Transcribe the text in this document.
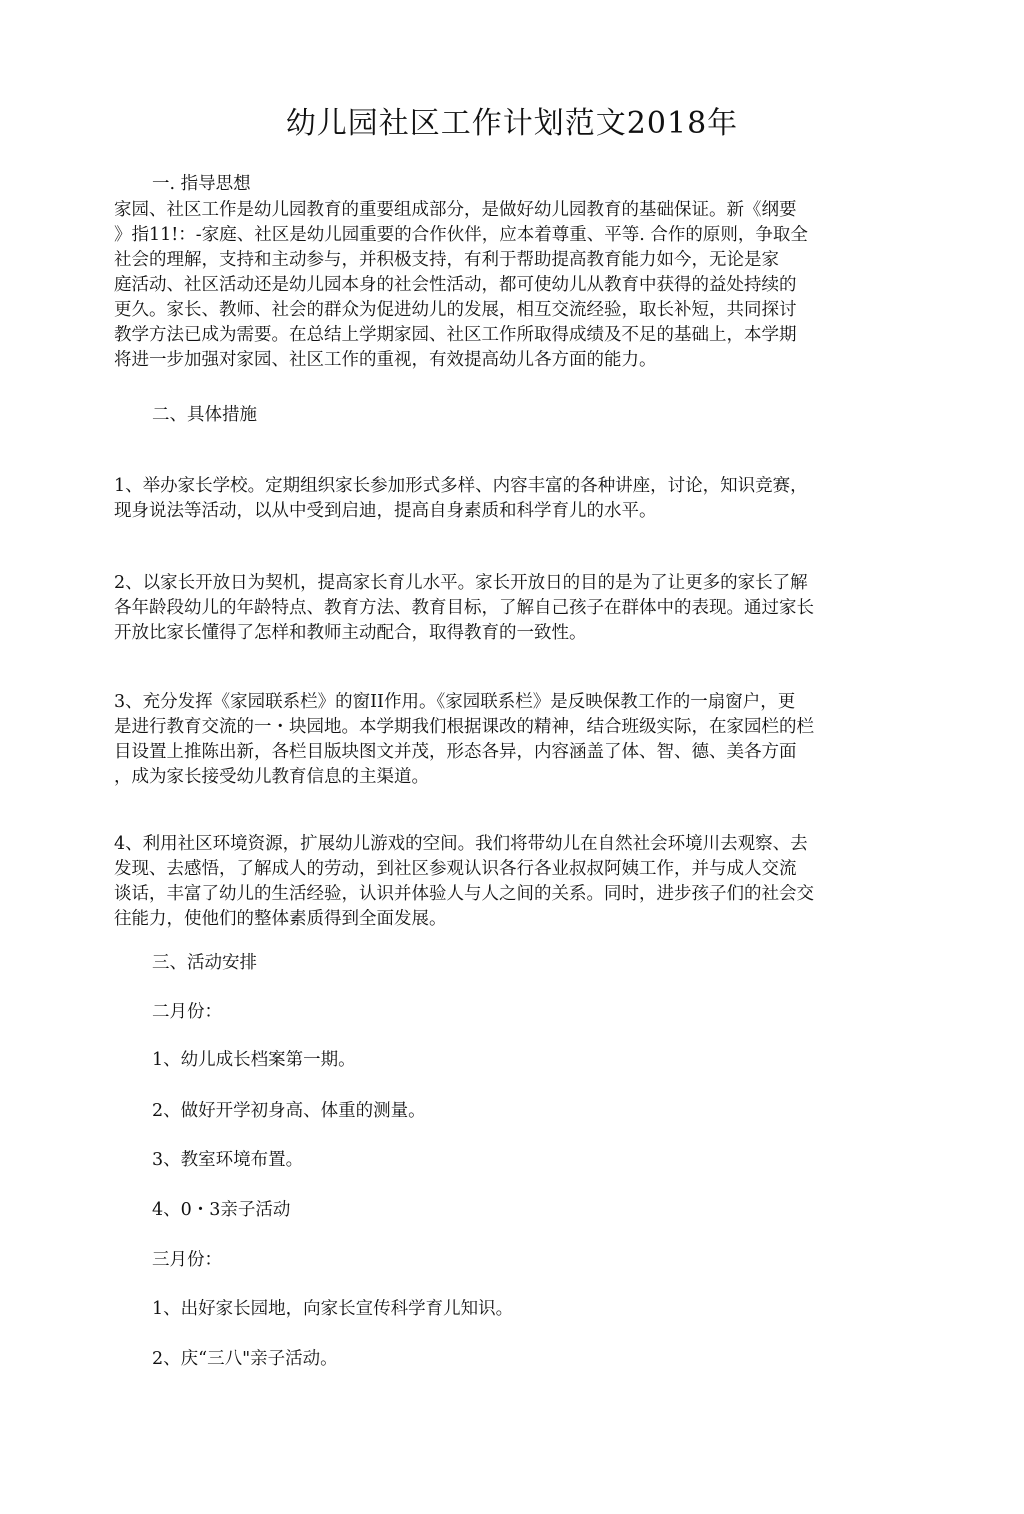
幼儿园社区工作计划范文2018年
一. 指导思想
家园、社区工作是幼儿园教育的重要组成部分，是做好幼儿园教育的基础保证。新《纲要
》指11!：-家庭、社区是幼儿园重要的合作伙伴，应本着尊重、平等. 合作的原则，争取全
社会的理解，支持和主动参与，并积极支持，有利于帮助提高教育能力如今，无论是家
庭活动、社区活动还是幼儿园本身的社会性活动，都可使幼儿从教育中获得的益处持续的
更久。家长、教师、社会的群众为促进幼儿的发展，相互交流经验，取长补短，共同探讨
教学方法已成为需要。在总结上学期家园、社区工作所取得成绩及不足的基础上，本学期
将进一步加强对家园、社区工作的重视，有效提高幼儿各方面的能力。
二、具体措施
1、举办家长学校。定期组织家长参加形式多样、内容丰富的各种讲座，讨论，知识竞赛，
现身说法等活动，以从中受到启迪，提高自身素质和科学育儿的水平。
2、以家长开放日为契机，提高家长育儿水平。家长开放日的目的是为了让更多的家长了解
各年龄段幼儿的年龄特点、教育方法、教育目标，了解自己孩子在群体中的表现。通过家长
开放比家长懂得了怎样和教师主动配合，取得教育的一致性。
3、充分发挥《家园联系栏》的窗II作用。《家园联系栏》是反映保教工作的一扇窗户，更
是进行教育交流的一・块园地。本学期我们根据课改的精神，结合班级实际，在家园栏的栏
目设置上推陈出新，各栏目版块图文并茂，形态各异，内容涵盖了体、智、德、美各方面
，成为家长接受幼儿教育信息的主渠道。
4、利用社区环境资源，扩展幼儿游戏的空间。我们将带幼儿在自然社会环境川去观察、去
发现、去感悟，了解成人的劳动，到社区参观认识各行各业叔叔阿姨工作，并与成人交流
谈话，丰富了幼儿的生活经验，认识并体验人与人之间的关系。同时，进步孩子们的社会交
往能力，使他们的整体素质得到全面发展。
三、活动安排
二月份：
1、幼儿成长档案第一期。
2、做好开学初身高、体重的测量。
3、教室环境布置。
4、0・3亲子活动
三月份：
1、出好家长园地，向家长宣传科学育儿知识。
2、庆“三八"亲子活动。
